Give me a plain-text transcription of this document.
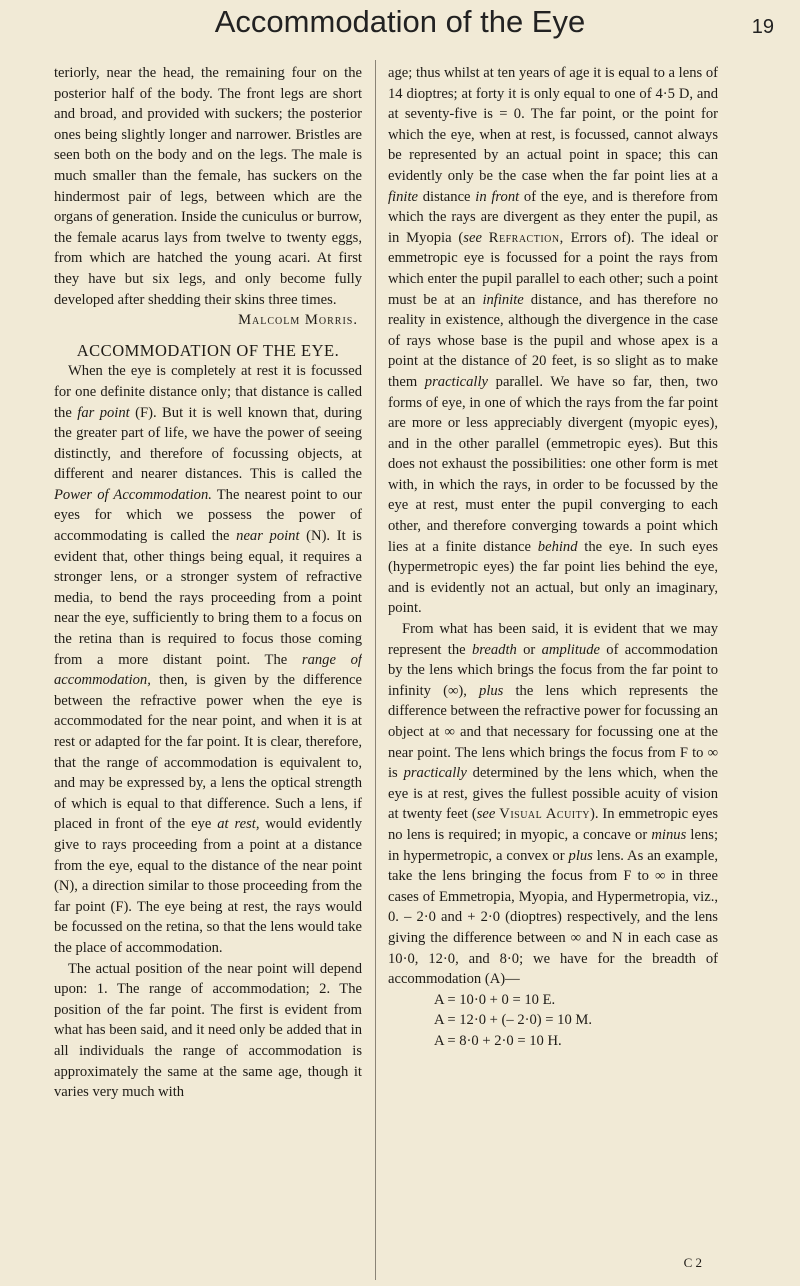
Accommodation of the Eye	19

teriorly, near the head, the remaining four on the posterior half of the body. The front legs are short and broad, and provided with suckers; the posterior ones being slightly longer and narrower. Bristles are seen both on the body and on the legs. The male is much smaller than the female, has suckers on the hindermost pair of legs, between which are the organs of generation. Inside the cuniculus or burrow, the female acarus lays from twelve to twenty eggs, from which are hatched the young acari. At first they have but six legs, and only become fully developed after shedding their skins three times.

Malcolm Morris.

ACCOMMODATION OF THE EYE.

When the eye is completely at rest it is focussed for one definite distance only; that distance is called the far point (F). But it is well known that, during the greater part of life, we have the power of seeing distinctly, and therefore of focussing objects, at different and nearer distances. This is called the Power of Accommodation. The nearest point to our eyes for which we possess the power of accommodating is called the near point (N). It is evident that, other things being equal, it requires a stronger lens, or a stronger system of refractive media, to bend the rays proceeding from a point near the eye, sufficiently to bring them to a focus on the retina than is required to focus those coming from a more distant point. The range of accommodation, then, is given by the difference between the refractive power when the eye is accommodated for the near point, and when it is at rest or adapted for the far point. It is clear, therefore, that the range of accommodation is equivalent to, and may be expressed by, a lens the optical strength of which is equal to that difference. Such a lens, if placed in front of the eye at rest, would evidently give to rays proceeding from a point at a distance from the eye, equal to the distance of the near point (N), a direction similar to those proceeding from the far point (F). The eye being at rest, the rays would be focussed on the retina, so that the lens would take the place of accommodation.

The actual position of the near point will depend upon: 1. The range of accommodation; 2. The position of the far point. The first is evident from what has been said, and it need only be added that in all individuals the range of accommodation is approximately the same at the same age, though it varies very much with

age; thus whilst at ten years of age it is equal to a lens of 14 dioptres; at forty it is only equal to one of 4·5 D, and at seventy-five is = 0. The far point, or the point for which the eye, when at rest, is focussed, cannot always be represented by an actual point in space; this can evidently only be the case when the far point lies at a finite distance in front of the eye, and is therefore from which the rays are divergent as they enter the pupil, as in Myopia (see Refraction, Errors of). The ideal or emmetropic eye is focussed for a point the rays from which enter the pupil parallel to each other; such a point must be at an infinite distance, and has therefore no reality in existence, although the divergence in the case of rays whose base is the pupil and whose apex is a point at the distance of 20 feet, is so slight as to make them practically parallel. We have so far, then, two forms of eye, in one of which the rays from the far point are more or less appreciably divergent (myopic eyes), and in the other parallel (emmetropic eyes). But this does not exhaust the possibilities: one other form is met with, in which the rays, in order to be focussed by the eye at rest, must enter the pupil converging to each other, and therefore converging towards a point which lies at a finite distance behind the eye. In such eyes (hypermetropic eyes) the far point lies behind the eye, and is evidently not an actual, but only an imaginary, point.

From what has been said, it is evident that we may represent the breadth or amplitude of accommodation by the lens which brings the focus from the far point to infinity (∞), plus the lens which represents the difference between the refractive power for focussing an object at ∞ and that necessary for focussing one at the near point. The lens which brings the focus from F to ∞ is practically determined by the lens which, when the eye is at rest, gives the fullest possible acuity of vision at twenty feet (see Visual Acuity). In emmetropic eyes no lens is required; in myopic, a concave or minus lens; in hypermetropic, a convex or plus lens. As an example, take the lens bringing the focus from F to ∞ in three cases of Emmetropia, Myopia, and Hypermetropia, viz., 0. – 2·0 and + 2·0 (dioptres) respectively, and the lens giving the difference between ∞ and N in each case as 10·0, 12·0, and 8·0; we have for the breadth of accommodation (A)—

A = 10·0 + 0 = 10 E.

A = 12·0 + (– 2·0) = 10 M.

A = 8·0 + 2·0 = 10 H.

C 2
